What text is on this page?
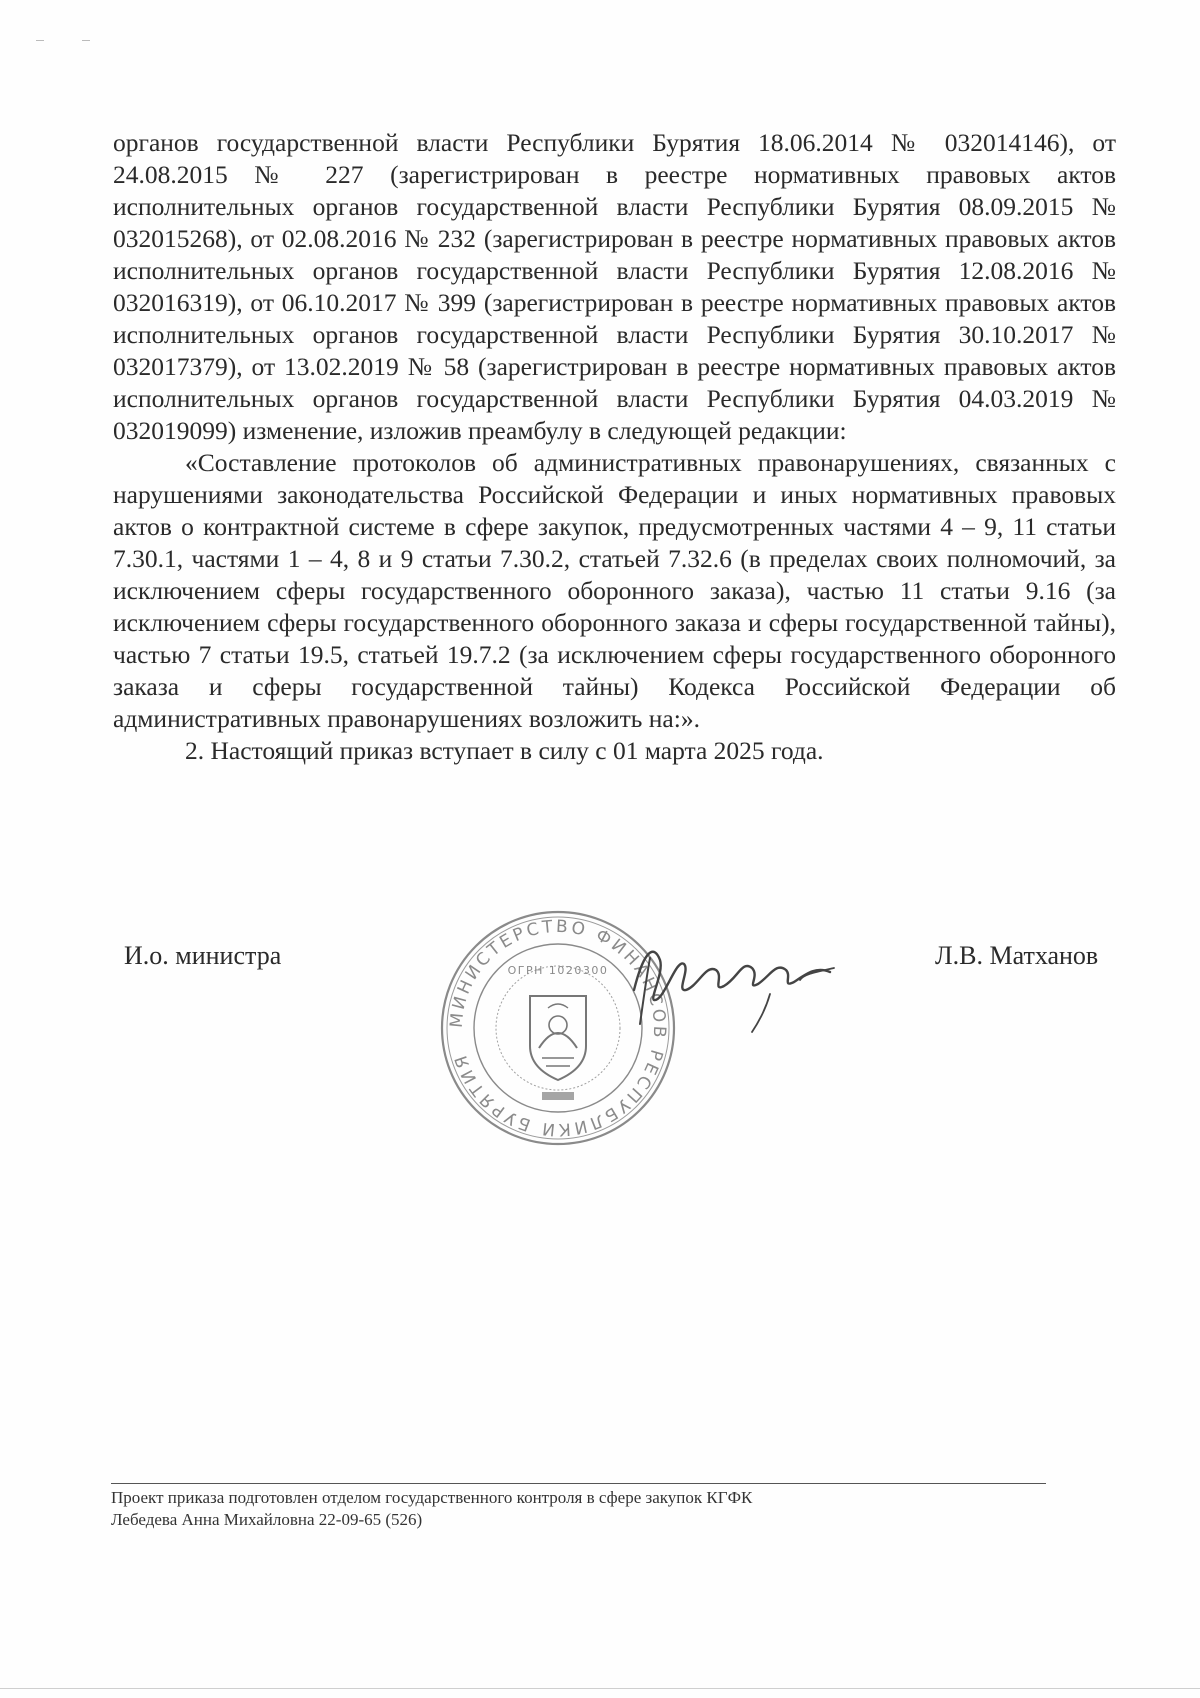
органов государственной власти Республики Бурятия 18.06.2014 № 032014146), от 24.08.2015 № 227 (зарегистрирован в реестре нормативных правовых актов исполнительных органов государственной власти Республики Бурятия 08.09.2015 № 032015268), от 02.08.2016 № 232 (зарегистрирован в реестре нормативных правовых актов исполнительных органов государственной власти Республики Бурятия 12.08.2016 № 032016319), от 06.10.2017 № 399 (зарегистрирован в реестре нормативных правовых актов исполнительных органов государственной власти Республики Бурятия 30.10.2017 № 032017379), от 13.02.2019 № 58 (зарегистрирован в реестре нормативных правовых актов исполнительных органов государственной власти Республики Бурятия 04.03.2019 № 032019099) изменение, изложив преамбулу в следующей редакции:

«Составление протоколов об административных правонарушениях, связанных с нарушениями законодательства Российской Федерации и иных нормативных правовых актов о контрактной системе в сфере закупок, предусмотренных частями 4 – 9, 11 статьи 7.30.1, частями 1 – 4, 8 и 9 статьи 7.30.2, статьей 7.32.6 (в пределах своих полномочий, за исключением сферы государственного оборонного заказа), частью 11 статьи 9.16 (за исключением сферы государственного оборонного заказа и сферы государственной тайны), частью 7 статьи 19.5, статьей 19.7.2 (за исключением сферы государственного оборонного заказа и сферы государственной тайны) Кодекса Российской Федерации об административных правонарушениях возложить на:».

2. Настоящий приказ вступает в силу с 01 марта 2025 года.

И.о. министра	Л.В. Матханов
МИНИСТЕРСТВО ФИНАНСОВ РЕСПУБЛИКИ БУРЯТИЯ
ОГРН 1020300
Проект приказа подготовлен отделом государственного контроля в сфере закупок КГФК
Лебедева Анна Михайловна 22-09-65 (526)
